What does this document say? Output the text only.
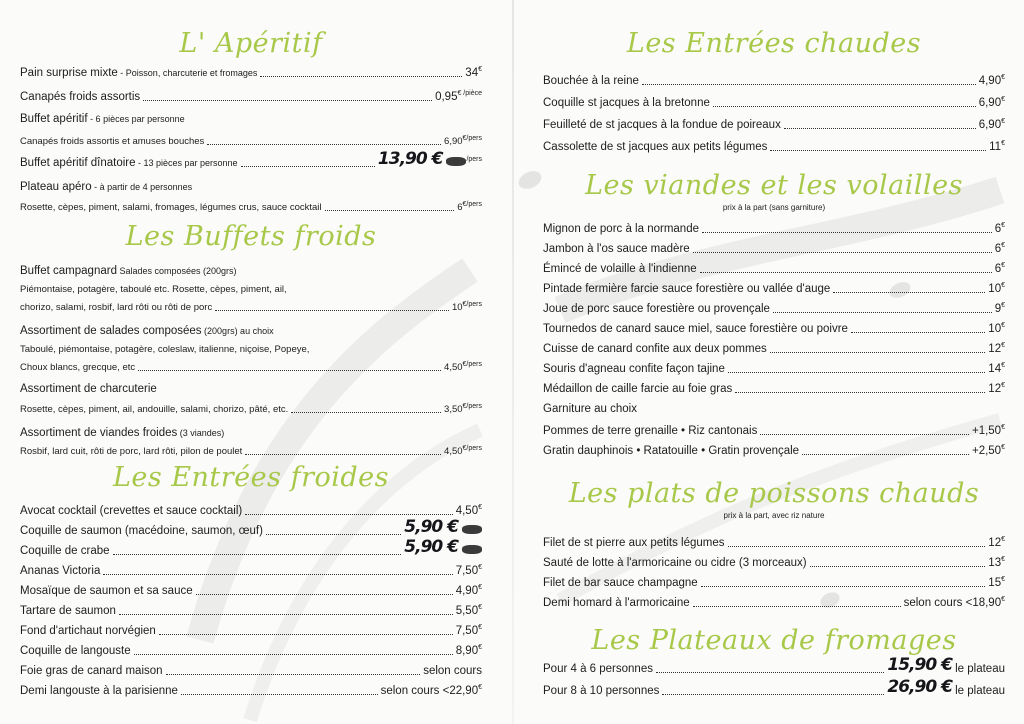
L' Apéritif
Pain surprise mixte - Poisson, charcuterie et fromages	34€
Canapés froids assortis	$0,95^{€ /pièce}$
Buffet apéritif - 6 pièces par personne
Canapés froids assortis et amuses bouches	$6,90^{€/pers}$
Buffet apéritif dînatoire - 13 pièces par personne	13,90 €	$^{/pers}$
Plateau apéro - à partir de 4 personnes
Rosette, cèpes, piment, salami, fromages, légumes crus, sauce cocktail	$6^{€/pers}$
Les Buffets froids
Buffet campagnard Salades composées (200grs)
Piémontaise, potagère, taboulé etc. Rosette, cèpes, piment, ail,
chorizo, salami, rosbif, lard rôti ou rôti de porc	$10^{€/pers}$
Assortiment de salades composées (200grs) au choix
Taboulé, piémontaise, potagère, coleslaw, italienne, niçoise, Popeye,
Choux blancs, grecque, etc	$4,50^{€/pers}$
Assortiment de charcuterie
Rosette, cèpes, piment, ail, andouille, salami, chorizo, pâté, etc.	$3,50^{€/pers}$
Assortiment de viandes froides (3 viandes)
Rosbif, lard cuit, rôti de porc, lard rôti, pilon de poulet	$4,50^{€/pers}$
Les Entrées froides
Avocat cocktail (crevettes et sauce cocktail)	4,50€
Coquille de saumon (macédoine, saumon, œuf)	5,90 €
Coquille de crabe	5,90 €
Ananas Victoria	7,50€
Mosaïque de saumon et sa sauce	4,90€
Tartare de saumon	5,50€
Fond d'artichaut norvégien	7,50€
Coquille de langouste	8,90€
Foie gras de canard maison	selon cours
Demi langouste à la parisienne	selon cours <22,90€
Les Entrées chaudes
Bouchée à la reine	4,90€
Coquille st jacques à la bretonne	6,90€
Feuilleté de st jacques à la fondue de poireaux	6,90€
Cassolette de st jacques aux petits légumes	11€
Les viandes et les volailles
prix à la part (sans garniture)
Mignon de porc à la normande	6€
Jambon à l'os sauce madère	6€
Émincé de volaille à l'indienne	6€
Pintade fermière farcie sauce forestière ou vallée d'auge	10€
Joue de porc sauce forestière ou provençale	9€
Tournedos de canard sauce miel, sauce forestière ou poivre	10€
Cuisse de canard confite aux deux pommes	12€
Souris d'agneau confite façon tajine	14€
Médaillon de caille farcie au foie gras	12€
Garniture au choix
Pommes de terre grenaille • Riz cantonais	+1,50€
Gratin dauphinois • Ratatouille • Gratin provençale	+2,50€
Les plats de poissons chauds
prix à la part, avec riz nature
Filet de st pierre aux petits légumes	12€
Sauté de lotte à l'armoricaine ou cidre (3 morceaux)	13€
Filet de bar sauce champagne	15€
Demi homard à l'armoricaine	selon cours <18,90€
Les Plateaux de fromages
Pour 4 à 6 personnes	15,90 € le plateau
Pour 8 à 10 personnes	26,90 € le plateau
